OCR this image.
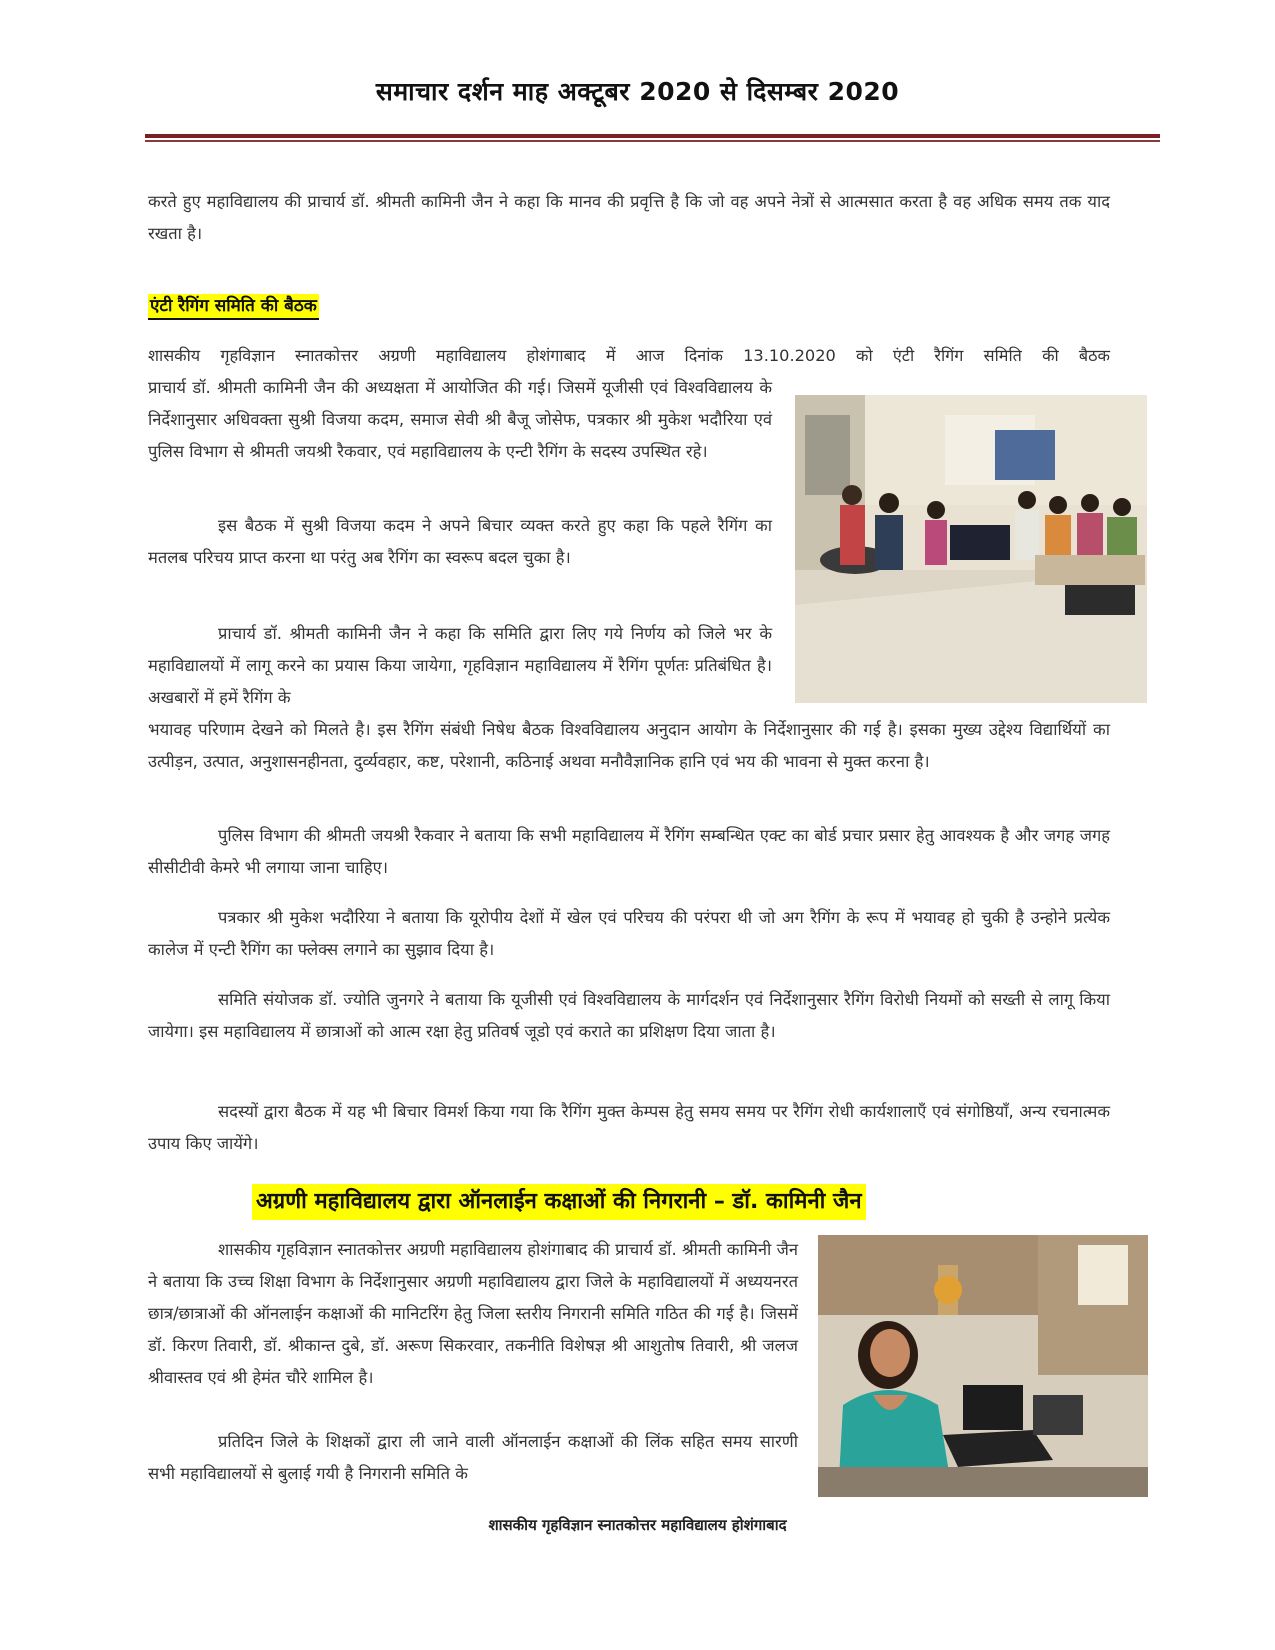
समाचार दर्शन माह अक्टूबर 2020 से दिसम्बर 2020
करते हुए महाविद्यालय की प्राचार्य डॉ. श्रीमती कामिनी जैन ने कहा कि मानव की प्रवृत्ति है कि जो वह अपने नेत्रों से आत्मसात करता है वह अधिक समय तक याद रखता है।
एंटी रैगिंग समिति की बैठक
शासकीय गृहविज्ञान स्नातकोत्तर अग्रणी महाविद्यालय होशंगाबाद में आज दिनांक 13.10.2020 को एंटी रैगिंग समिति की बैठक
प्राचार्य डॉ. श्रीमती कामिनी जैन की अध्यक्षता में आयोजित की गई। जिसमें यूजीसी एवं विश्वविद्यालय के निर्देशानुसार अधिवक्ता सुश्री विजया कदम, समाज सेवी श्री बैजू जोसेफ, पत्रकार श्री मुकेश भदौरिया एवं पुलिस विभाग से श्रीमती जयश्री रैकवार, एवं महाविद्यालय के एन्टी रैगिंग के सदस्य उपस्थित रहे।
इस बैठक में सुश्री विजया कदम ने अपने बिचार व्यक्त करते हुए कहा कि पहले रैगिंग का मतलब परिचय प्राप्त करना था परंतु अब रैगिंग का स्वरूप बदल चुका है।
प्राचार्य डॉ. श्रीमती कामिनी जैन ने कहा कि समिति द्वारा लिए गये निर्णय को जिले भर के महाविद्यालयों में लागू करने का प्रयास किया जायेगा, गृहविज्ञान महाविद्यालय में रैगिंग पूर्णतः प्रतिबंधित है। अखबारों में हमें रैगिंग के
भयावह परिणाम देखने को मिलते है। इस रैगिंग संबंधी निषेध बैठक विश्वविद्यालय अनुदान आयोग के निर्देशानुसार की गई है। इसका मुख्य उद्देश्य विद्यार्थियों का उत्पीड़न, उत्पात, अनुशासनहीनता, दुर्व्यवहार, कष्ट, परेशानी, कठिनाई अथवा मनौवैज्ञानिक हानि एवं भय की भावना से मुक्त करना है।
पुलिस विभाग की श्रीमती जयश्री रैकवार ने बताया कि सभी महाविद्यालय में रैगिंग सम्बन्धित एक्ट का बोर्ड प्रचार प्रसार हेतु आवश्यक है और जगह जगह सीसीटीवी केमरे भी लगाया जाना चाहिए।
पत्रकार श्री मुकेश भदौरिया ने बताया कि यूरोपीय देशों में खेल एवं परिचय की परंपरा थी जो अग रैगिंग के रूप में भयावह हो चुकी है उन्होने प्रत्येक कालेज में एन्टी रैगिंग का फ्लेक्स लगाने का सुझाव दिया है।
समिति संयोजक डॉ. ज्योति जुनगरे ने बताया कि यूजीसी एवं विश्वविद्यालय के मार्गदर्शन एवं निर्देशानुसार रैगिंग विरोधी नियमों को सख्ती से लागू किया जायेगा। इस महाविद्यालय में छात्राओं को आत्म रक्षा हेतु प्रतिवर्ष जूडो एवं कराते का प्रशिक्षण दिया जाता है।
सदस्यों द्वारा बैठक में यह भी बिचार विमर्श किया गया कि रैगिंग मुक्त केम्पस हेतु समय समय पर रैगिंग रोधी कार्यशालाएँ एवं संगोष्ठियाँ, अन्य रचनात्मक उपाय किए जायेंगे।
अग्रणी महाविद्यालय द्वारा ऑनलाईन कक्षाओं की निगरानी – डॉ. कामिनी जैन
शासकीय गृहविज्ञान स्नातकोत्तर अग्रणी महाविद्यालय होशंगाबाद की प्राचार्य डॉ. श्रीमती कामिनी जैन ने बताया कि उच्च शिक्षा विभाग के निर्देशानुसार अग्रणी महाविद्यालय द्वारा जिले के महाविद्यालयों में अध्ययनरत छात्र/छात्राओं की ऑनलाईन कक्षाओं की मानिटरिंग हेतु जिला स्तरीय निगरानी समिति गठित की गई है। जिसमें डॉ. किरण तिवारी, डॉ. श्रीकान्त दुबे, डॉ. अरूण सिकरवार, तकनीति विशेषज्ञ श्री आशुतोष तिवारी, श्री जलज श्रीवास्तव एवं श्री हेमंत चौरे शामिल है।
प्रतिदिन जिले के शिक्षकों द्वारा ली जाने वाली ऑनलाईन कक्षाओं की लिंक सहित समय सारणी सभी महाविद्यालयों से बुलाई गयी है निगरानी समिति के
शासकीय गृहविज्ञान स्नातकोत्तर महाविद्यालय होशंगाबाद
